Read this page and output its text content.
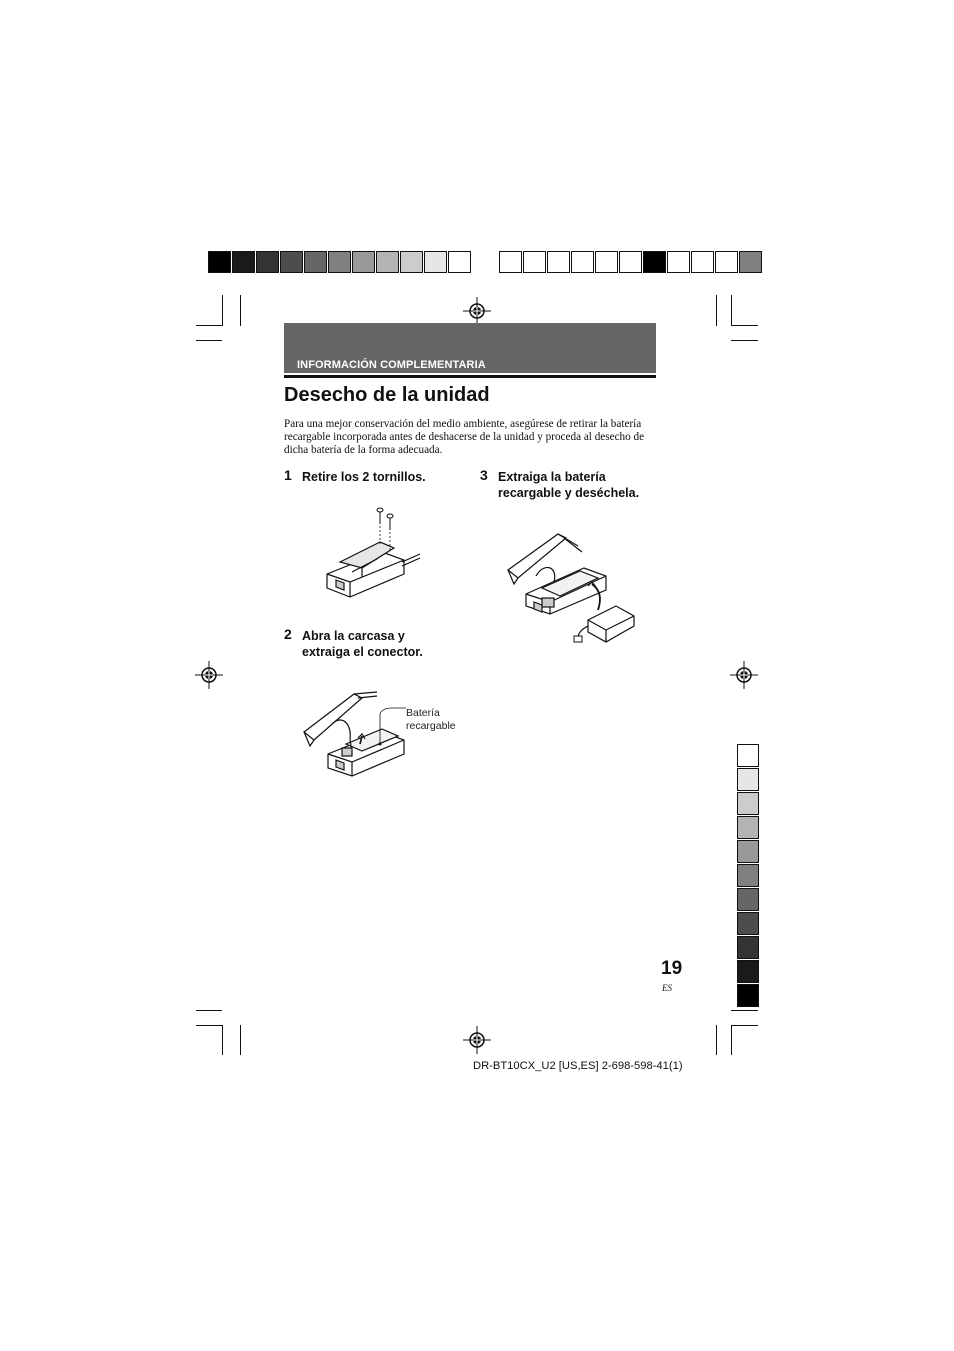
INFORMACIÓN COMPLEMENTARIA
Desecho de la unidad
Para una mejor conservación del medio ambiente, asegúrese de retirar la batería recargable incorporada antes de deshacerse de la unidad y proceda al desecho de dicha batería de la forma adecuada.
1 Retire los 2 tornillos.
2 Abra la carcasa y extraiga el conector.
3 Extraiga la batería recargable y deséchela.
Batería recargable
19
ES
DR-BT10CX_U2 [US,ES] 2-698-598-41(1)
